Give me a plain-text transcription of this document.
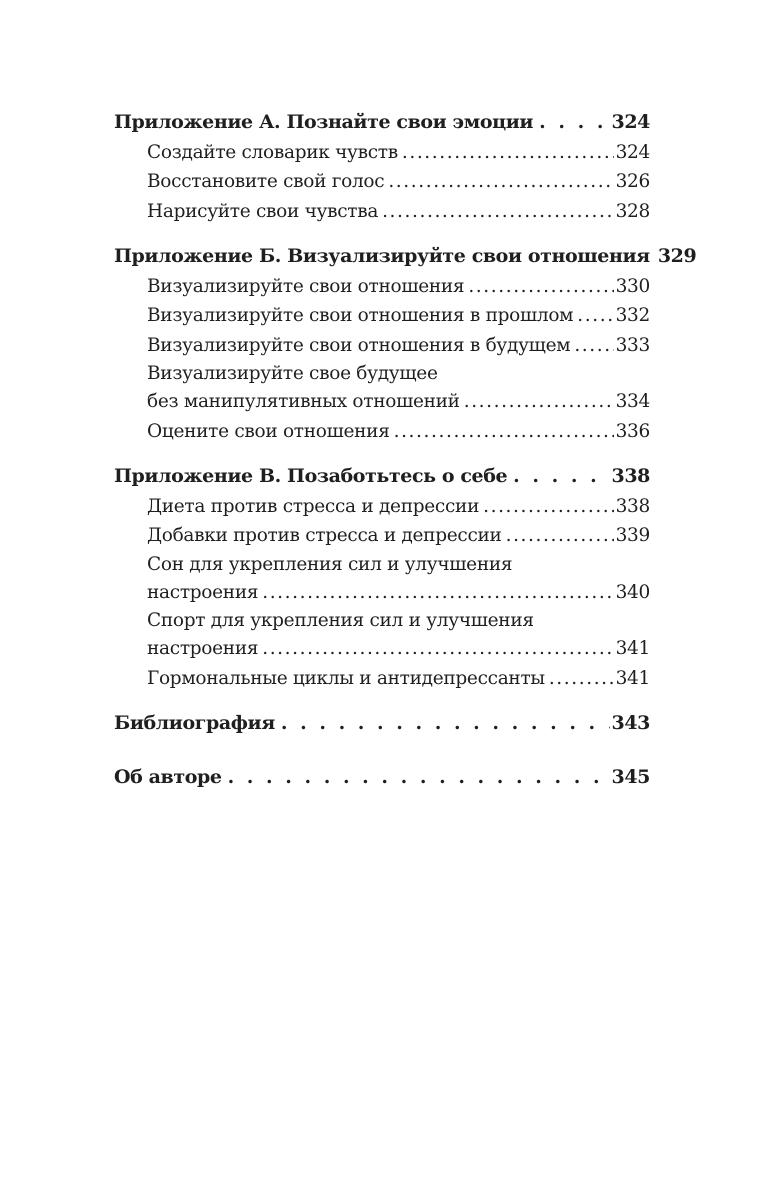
Приложение А. Познайте свои эмоции . . .	324
Создайте словарик чувств .....	324
Восстановите свой голос .....	326
Нарисуйте свои чувства .....	328
Приложение Б. Визуализируйте свои отношения 329
Визуализируйте свои отношения .....	330
Визуализируйте свои отношения в прошлом ..... 332
Визуализируйте свои отношения в будущем ..... 333
Визуализируйте свое будущее
без манипулятивных отношений .....	334
Оцените свои отношения .....	336
Приложение В. Позаботьтесь о себе . . .	338
Диета против стресса и депрессии .....	338
Добавки против стресса и депрессии .....	339
Сон для укрепления сил и улучшения
настроения .....	340
Спорт для укрепления сил и улучшения
настроения .....	341
Гормональные циклы и антидепрессанты .....	341
Библиография . . .	343
Об авторе . . .	345
